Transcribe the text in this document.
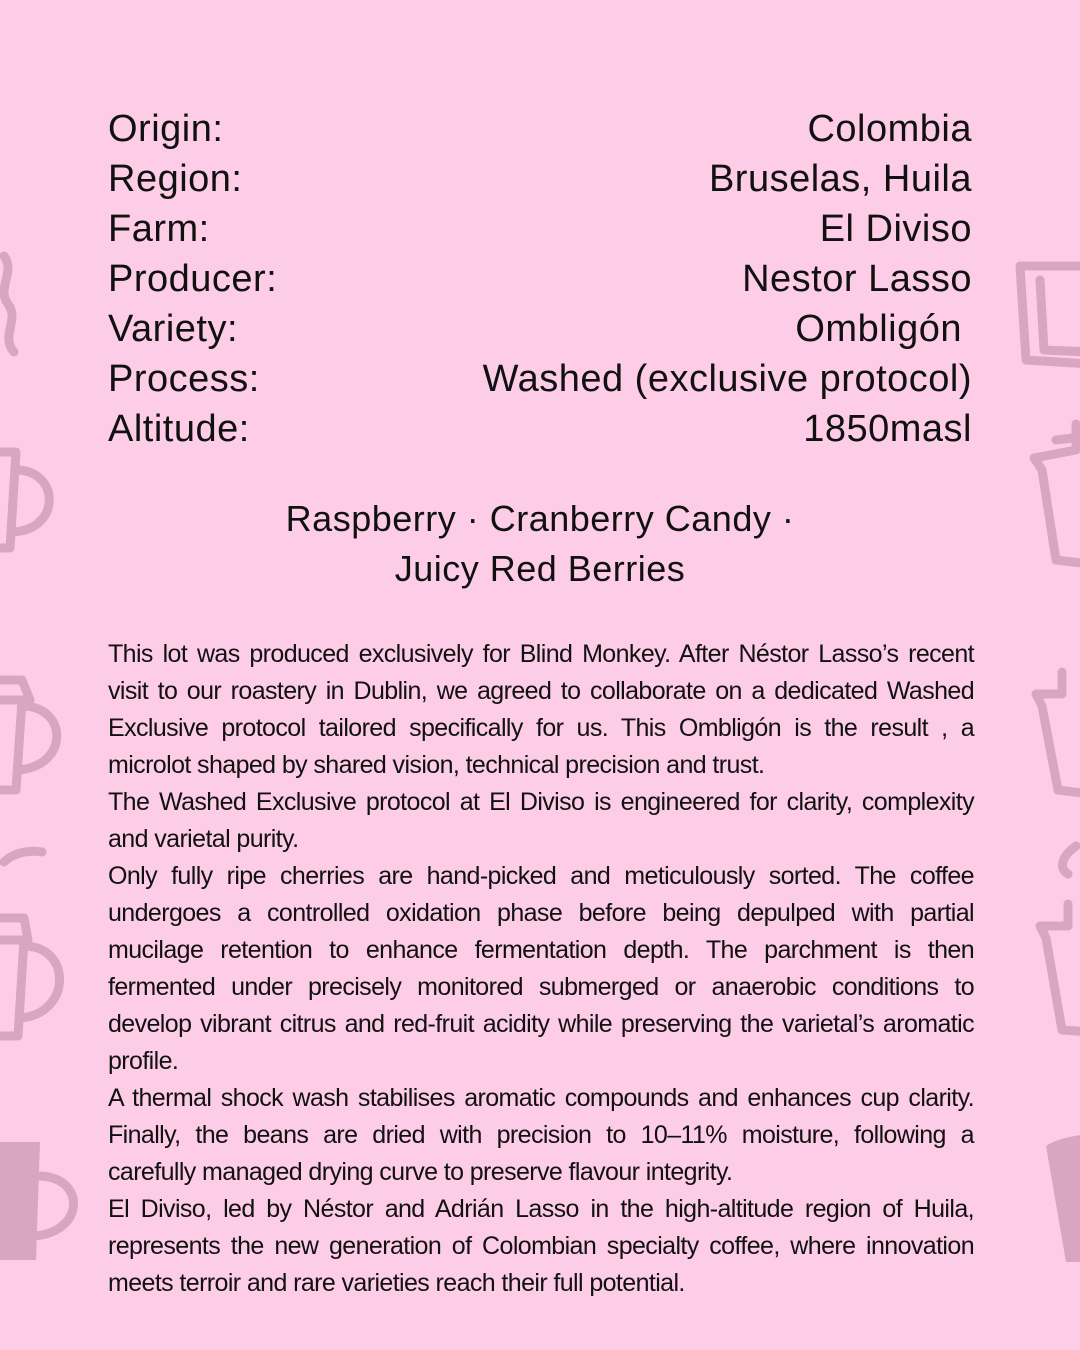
Origin:	Colombia
Region:	Bruselas, Huila
Farm:	El Diviso
Producer:	Nestor Lasso
Variety:	Ombligón
Process:	Washed (exclusive protocol)
Altitude:	1850masl
Raspberry · Cranberry Candy ·
Juicy Red Berries

This lot was produced exclusively for Blind Monkey. After Néstor Lasso’s recent visit to our roastery in Dublin, we agreed to collaborate on a dedicated Washed Exclusive protocol tailored specifically for us. This Ombligón is the result , a microlot shaped by shared vision, technical precision and trust.

The Washed Exclusive protocol at El Diviso is engineered for clarity, complexity and varietal purity.

Only fully ripe cherries are hand-picked and meticulously sorted. The coffee undergoes a controlled oxidation phase before being depulped with partial mucilage retention to enhance fermentation depth. The parchment is then fermented under precisely monitored submerged or anaerobic conditions to develop vibrant citrus and red-fruit acidity while preserving the varietal’s aromatic profile.

A thermal shock wash stabilises aromatic compounds and enhances cup clarity. Finally, the beans are dried with precision to 10–11% moisture, following a carefully managed drying curve to preserve flavour integrity.

El Diviso, led by Néstor and Adrián Lasso in the high-altitude region of Huila, represents the new generation of Colombian specialty coffee, where innovation meets terroir and rare varieties reach their full potential.
